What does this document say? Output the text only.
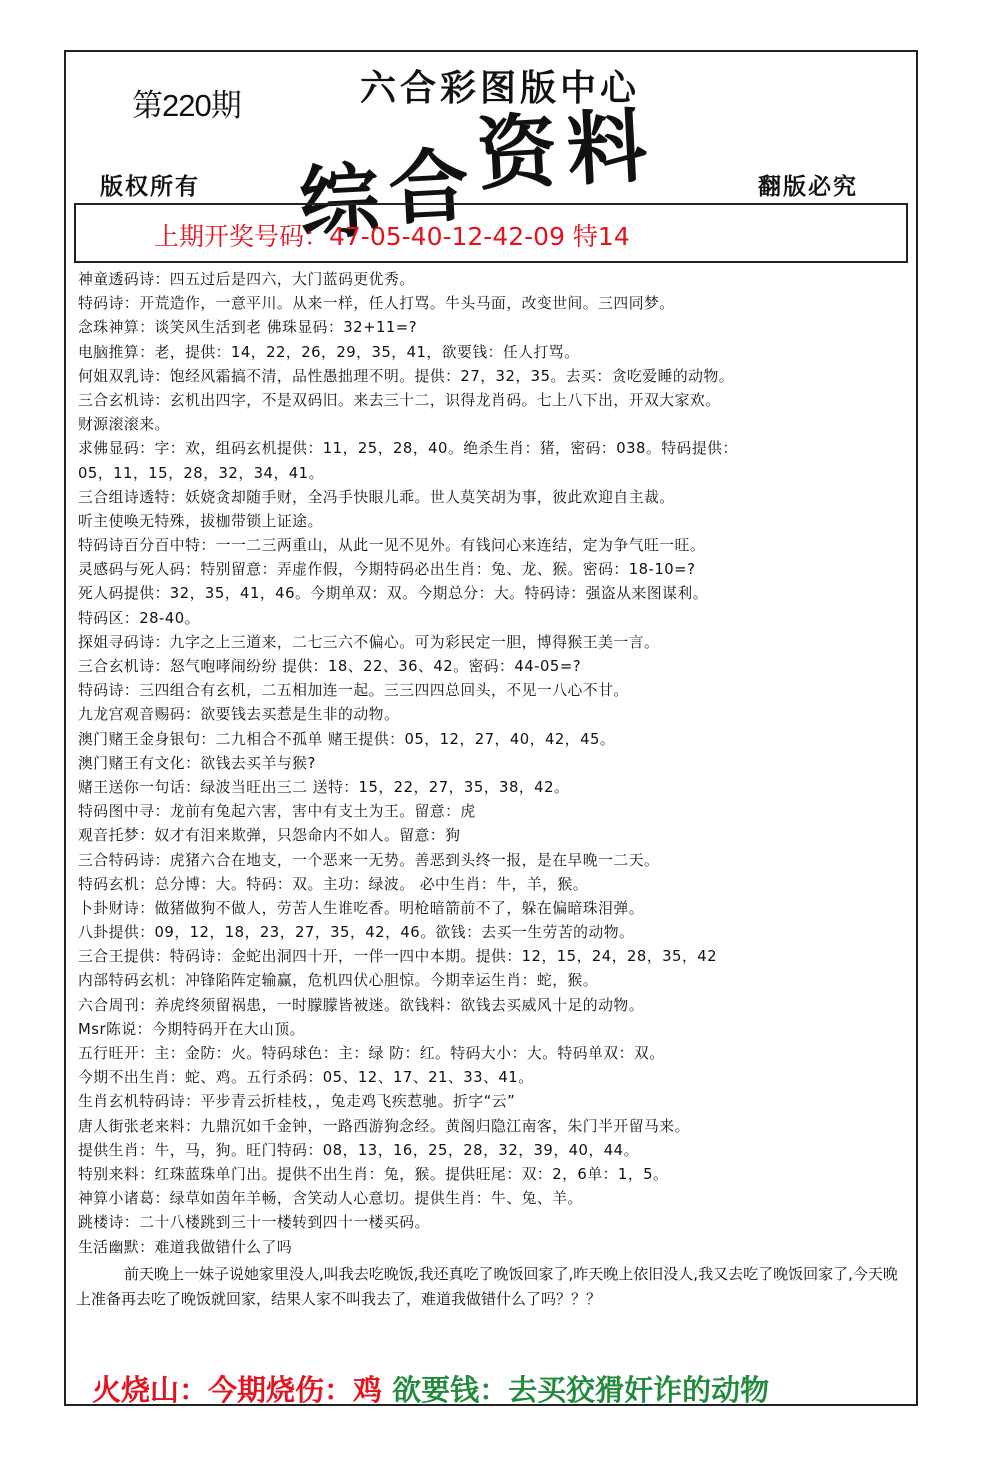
第220期	六合彩图版中心
综合资料
版权所有	翻版必究
上期开奖号码：47-05-40-12-42-09 特14
神童透码诗：四五过后是四六，大门蓝码更优秀。
特码诗：开荒造作，一意平川。从来一样，任人打骂。牛头马面，改变世间。三四同梦。
念珠神算：谈笑风生活到老 佛珠显码：32+11=?
电脑推算：老，提供：14，22，26，29，35，41，欲要钱：任人打骂。
何姐双乳诗：饱经风霜搞不清，品性愚拙理不明。提供：27，32，35。去买：贪吃爱睡的动物。
三合玄机诗：玄机出四字，不是双码旧。来去三十二，识得龙肖码。七上八下出，开双大家欢。
财源滚滚来。
求佛显码：字：欢，组码玄机提供：11，25，28，40。绝杀生肖：猪，密码：038。特码提供：
05，11，15，28，32，34，41。
三合组诗透特：妖娆贪却随手财，全冯手快眼儿乖。世人莫笑胡为事，彼此欢迎自主裁。
听主使唤无特殊，拔枷带锁上证途。
特码诗百分百中特：一一二三两重山，从此一见不见外。有钱问心来连结，定为争气旺一旺。
灵感码与死人码：特别留意：弄虚作假，今期特码必出生肖：兔、龙、猴。密码：18-10=?
死人码提供：32，35，41，46。今期单双：双。今期总分：大。特码诗：强盗从来图谋利。
特码区：28-40。
探姐寻码诗：九字之上三道来，二七三六不偏心。可为彩民定一胆，博得猴王美一言。
三合玄机诗：怒气咆哮闹纷纷 提供：18、22、36、42。密码：44-05=?
特码诗：三四组合有玄机，二五相加连一起。三三四四总回头，不见一八心不甘。
九龙宫观音赐码：欲要钱去买惹是生非的动物。
澳门赌王金身银句：二九相合不孤单 赌王提供：05，12，27，40，42，45。
澳门赌王有文化：欲钱去买羊与猴?
赌王送你一句话：绿波当旺出三二 送特：15，22，27，35，38，42。
特码图中寻：龙前有兔起六害，害中有支土为王。留意：虎
观音托梦：奴才有泪来欺弹，只怨命内不如人。留意：狗
三合特码诗：虎猪六合在地支，一个恶来一无势。善恶到头终一报，是在早晚一二天。
特码玄机：总分博：大。特码：双。主功：绿波。 必中生肖：牛，羊，猴。
卜卦财诗：做猪做狗不做人，劳苦人生谁吃香。明枪暗箭前不了，躲在偏暗珠泪弹。
八卦提供：09，12，18，23，27，35，42，46。欲钱：去买一生劳苦的动物。
三合王提供：特码诗：金蛇出洞四十开，一伴一四中本期。提供：12，15，24，28，35，42
内部特码玄机：冲锋陷阵定输赢，危机四伏心胆惊。今期幸运生肖：蛇，猴。
六合周刊：养虎终须留祸患，一时朦朦皆被迷。欲钱料：欲钱去买威风十足的动物。
Msr陈说：今期特码开在大山顶。
五行旺开：主：金防：火。特码球色：主：绿 防：红。特码大小：大。特码单双：双。
今期不出生肖：蛇、鸡。五行杀码：05、12、17、21、33、41。
生肖玄机特码诗：平步青云折桂枝，，兔走鸡飞疾惹驰。折字“云”
唐人街张老来料：九鼎沉如千金钟，一路西游狗念经。黄阁归隐江南客，朱门半开留马来。
提供生肖：牛，马，狗。旺门特码：08，13，16，25，28，32，39，40，44。
特别来料：红珠蓝珠单门出。提供不出生肖：兔，猴。提供旺尾：双：2，6单：1，5。
神算小诸葛：绿草如茵年羊畅，含笑动人心意切。提供生肖：牛、兔、羊。
跳楼诗：二十八楼跳到三十一楼转到四十一楼买码。
生活幽默：难道我做错什么了吗
前天晚上一妹子说她家里没人,叫我去吃晚饭,我还真吃了晚饭回家了,昨天晚上依旧没人,我又去吃了晚饭回家了,今天晚上准备再去吃了晚饭就回家，结果人家不叫我去了，难道我做错什么了吗？？？
火烧山：今期烧伤：鸡 欲要钱：去买狡猾奸诈的动物
